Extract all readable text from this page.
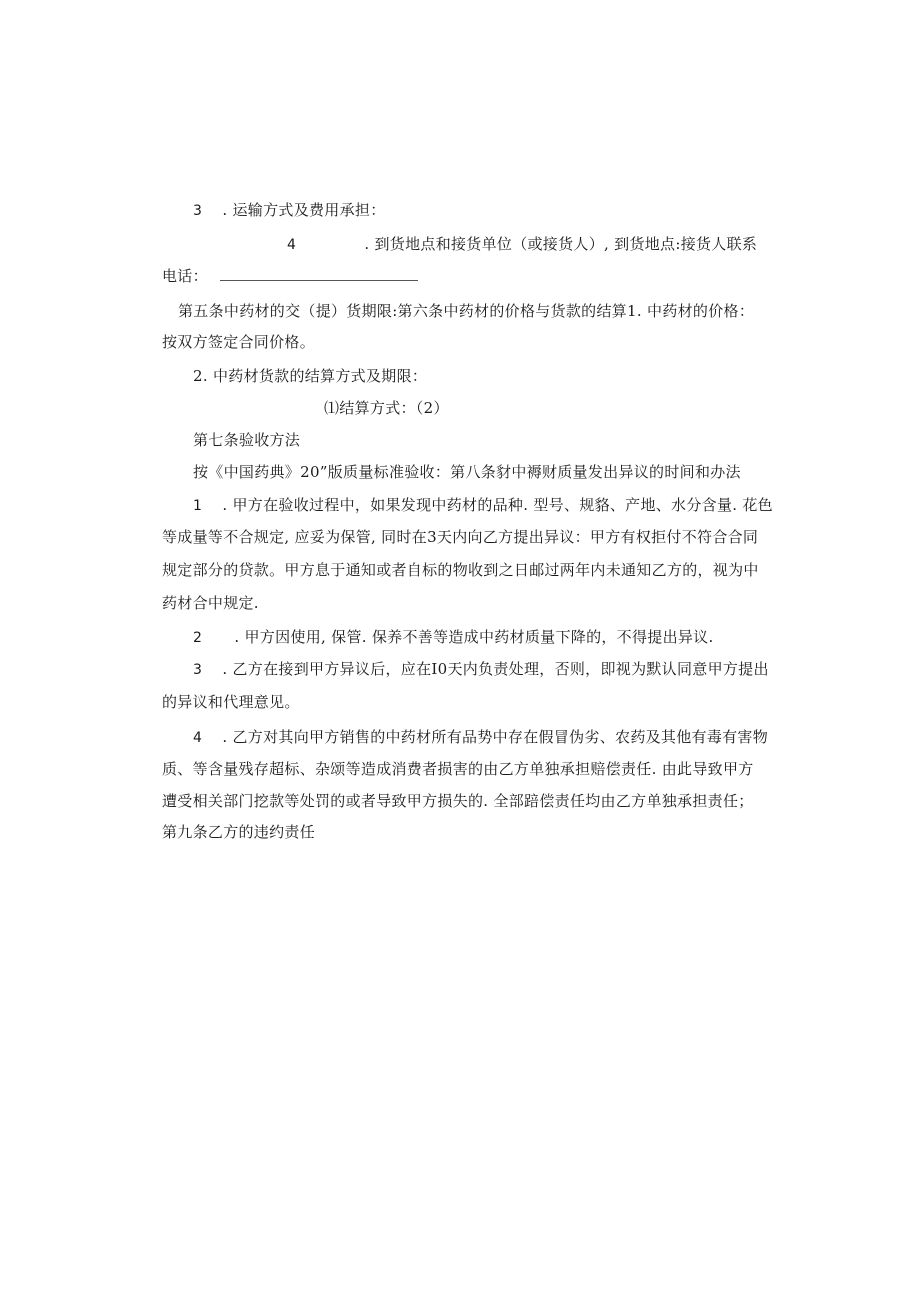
3 . 运输方式及费用承担：
4	. 到货地点和接货单位（或接货人）, 到货地点:接货人联系
电话：
第五条中药材的交（提）货期限:第六条中药材的价格与货款的结算1. 中药材的价格：
按双方签定合同价格。
2. 中药材货款的结算方式及期限：
⑴结算方式：（2）
第七条验收方法
按《中国药典》20”版质量标准验收：第八条豺中褥财质量发出异议的时间和办法
1 . 甲方在验收过程中，如果发现中药材的品种. 型号、规貉、产地、水分含量. 花色
等成量等不合规定, 应妥为保管, 同时在3天内向乙方提出异议：甲方有权拒付不符合合同
规定部分的贷款。甲方息于通知或者自标的物收到之日邮过两年内未通知乙方的，视为中
药材合中规定.
2 . 甲方因使用, 保管. 保养不善等造成中药材质量下降的，不得提出异议.
3 . 乙方在接到甲方异议后，应在I0天内负责处理，否则，即视为默认同意甲方提出
的异议和代理意见。
4 . 乙方对其向甲方销售的中药材所有品势中存在假冒伪劣、农药及其他有毒有害物
质、等含量残存超标、杂颂等造成消费者损害的由乙方单独承担赔偿责任. 由此导致甲方
遭受相关部门挖款等处罚的或者导致甲方损失的. 全部踣偿责任均由乙方单独承担责任；
第九条乙方的违约责任
